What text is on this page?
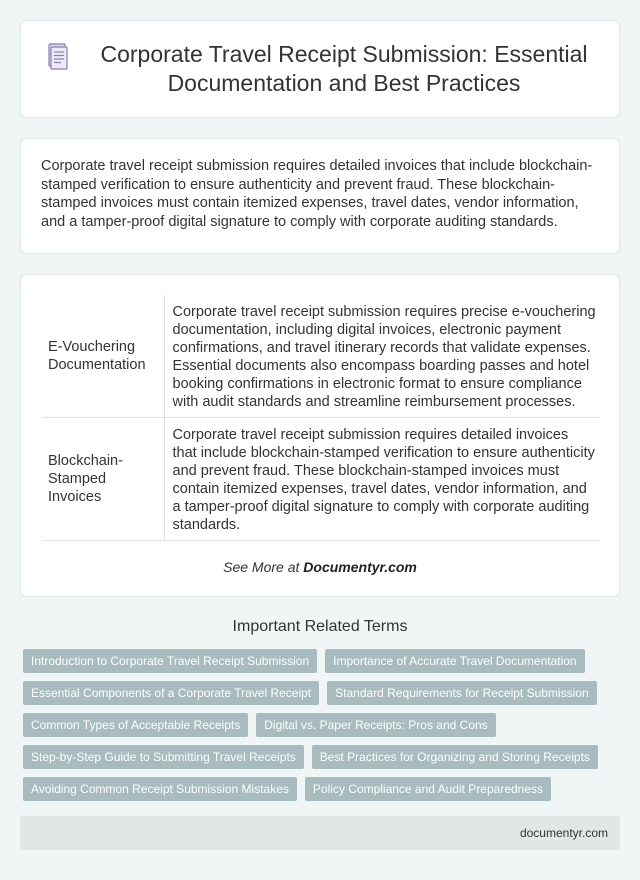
Corporate Travel Receipt Submission: Essential Documentation and Best Practices

Corporate travel receipt submission requires detailed invoices that include blockchain-stamped verification to ensure authenticity and prevent fraud. These blockchain-stamped invoices must contain itemized expenses, travel dates, vendor information, and a tamper-proof digital signature to comply with corporate auditing standards.

E-Vouchering Documentation	Corporate travel receipt submission requires precise e-vouchering documentation, including digital invoices, electronic payment confirmations, and travel itinerary records that validate expenses. Essential documents also encompass boarding passes and hotel booking confirmations in electronic format to ensure compliance with audit standards and streamline reimbursement processes.
Blockchain-Stamped Invoices	Corporate travel receipt submission requires detailed invoices that include blockchain-stamped verification to ensure authenticity and prevent fraud. These blockchain-stamped invoices must contain itemized expenses, travel dates, vendor information, and a tamper-proof digital signature to comply with corporate auditing standards.
See More at Documentyr.com
Important Related Terms
Introduction to Corporate Travel Receipt Submission	Importance of Accurate Travel Documentation
Essential Components of a Corporate Travel Receipt	Standard Requirements for Receipt Submission
Common Types of Acceptable Receipts	Digital vs. Paper Receipts: Pros and Cons
Step-by-Step Guide to Submitting Travel Receipts	Best Practices for Organizing and Storing Receipts
Avoiding Common Receipt Submission Mistakes	Policy Compliance and Audit Preparedness
documentyr.com
